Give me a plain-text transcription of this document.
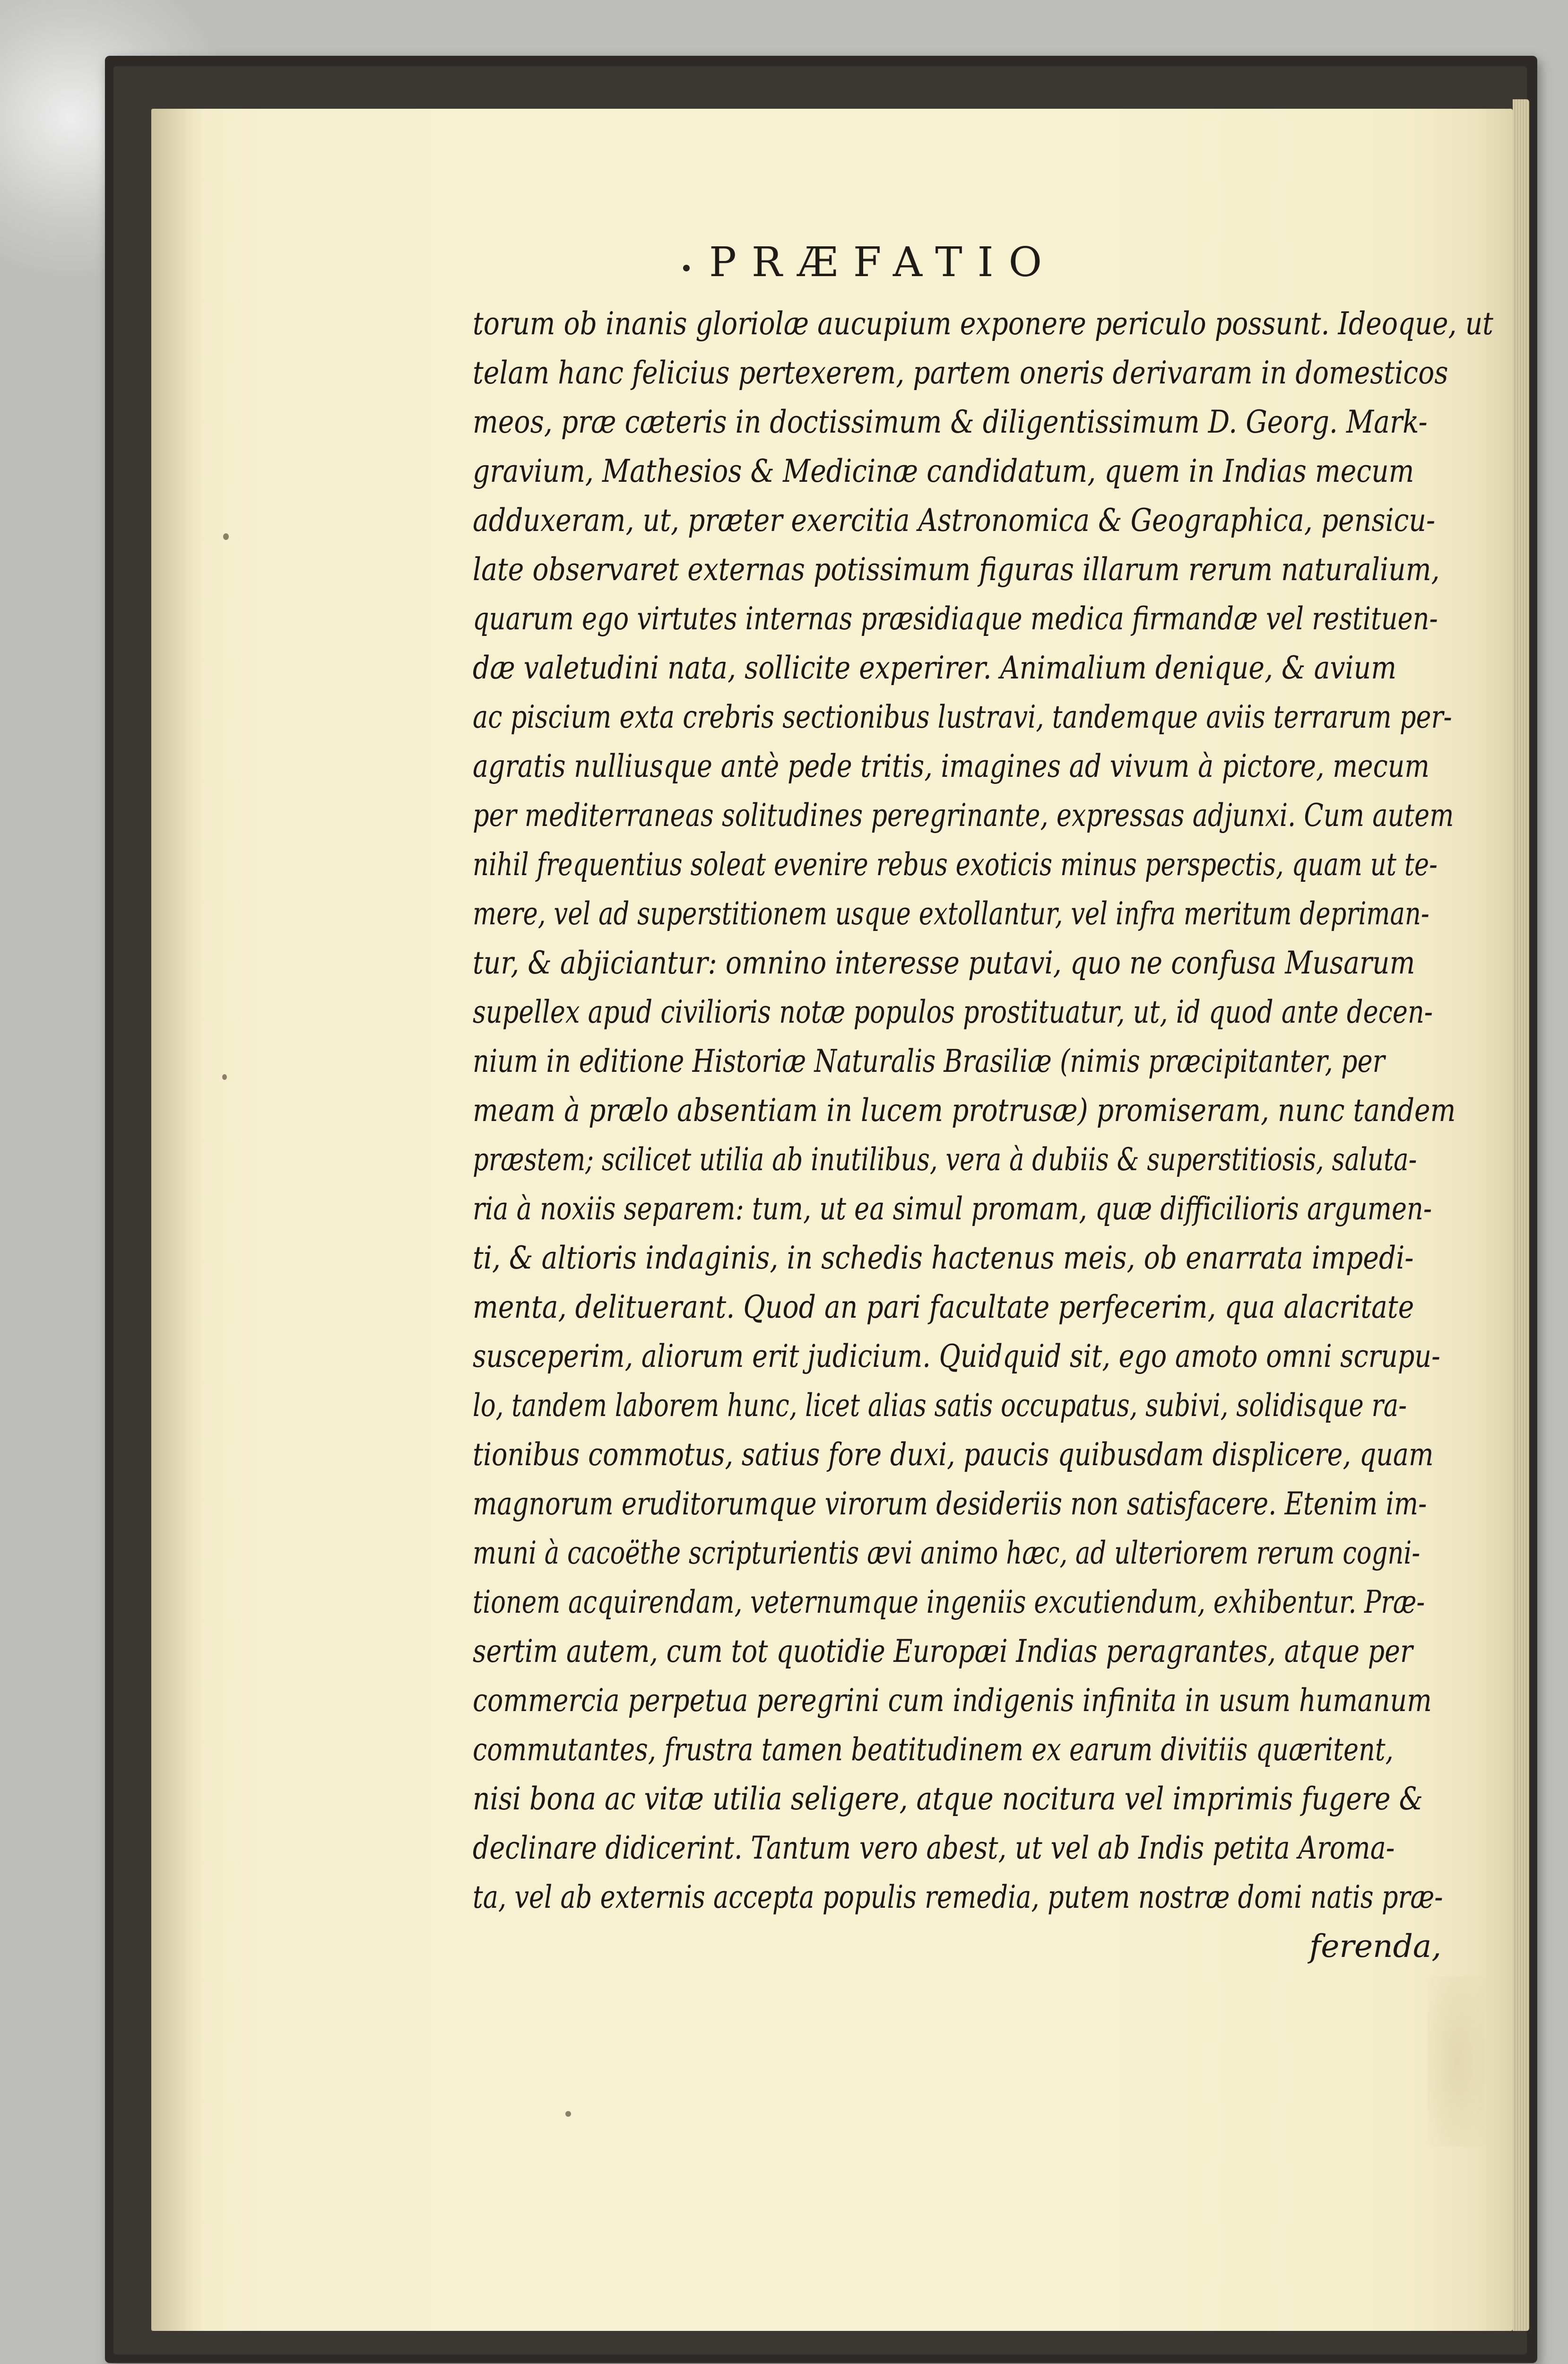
PRÆFATIO
torum ob inanis gloriolæ aucupium exponere periculo possunt. Ideoque, ut
telam hanc felicius pertexerem, partem oneris derivaram in domesticos
meos, præ cæteris in doctissimum & diligentissimum D. Georg. Mark-
gravium, Mathesios & Medicinæ candidatum, quem in Indias mecum
adduxeram, ut, præter exercitia Astronomica & Geographica, pensicu-
late observaret externas potissimum figuras illarum rerum naturalium,
quarum ego virtutes internas præsidiaque medica firmandæ vel restituen-
dæ valetudini nata, sollicite experirer. Animalium denique, & avium
ac piscium exta crebris sectionibus lustravi, tandemque aviis terrarum per-
agratis nulliusque antè pede tritis, imagines ad vivum à pictore, mecum
per mediterraneas solitudines peregrinante, expressas adjunxi. Cum autem
nihil frequentius soleat evenire rebus exoticis minus perspectis, quam ut te-
mere, vel ad superstitionem usque extollantur, vel infra meritum depriman-
tur, & abjiciantur: omnino interesse putavi, quo ne confusa Musarum
supellex apud civilioris notæ populos prostituatur, ut, id quod ante decen-
nium in editione Historiæ Naturalis Brasiliæ (nimis præcipitanter, per
meam à prælo absentiam in lucem protrusæ) promiseram, nunc tandem
præstem; scilicet utilia ab inutilibus, vera à dubiis & superstitiosis, saluta-
ria à noxiis separem: tum, ut ea simul promam, quæ difficilioris argumen-
ti, & altioris indaginis, in schedis hactenus meis, ob enarrata impedi-
menta, delituerant. Quod an pari facultate perfecerim, qua alacritate
susceperim, aliorum erit judicium. Quidquid sit, ego amoto omni scrupu-
lo, tandem laborem hunc, licet alias satis occupatus, subivi, solidisque ra-
tionibus commotus, satius fore duxi, paucis quibusdam displicere, quam
magnorum eruditorumque virorum desideriis non satisfacere. Etenim im-
muni à cacoëthe scripturientis ævi animo hæc, ad ulteriorem rerum cogni-
tionem acquirendam, veternumque ingeniis excutiendum, exhibentur. Præ-
sertim autem, cum tot quotidie Europæi Indias peragrantes, atque per
commercia perpetua peregrini cum indigenis infinita in usum humanum
commutantes, frustra tamen beatitudinem ex earum divitiis quæritent,
nisi bona ac vitæ utilia seligere, atque nocitura vel imprimis fugere &
declinare didicerint. Tantum vero abest, ut vel ab Indis petita Aroma-
ta, vel ab externis accepta populis remedia, putem nostræ domi natis præ-
ferenda,
